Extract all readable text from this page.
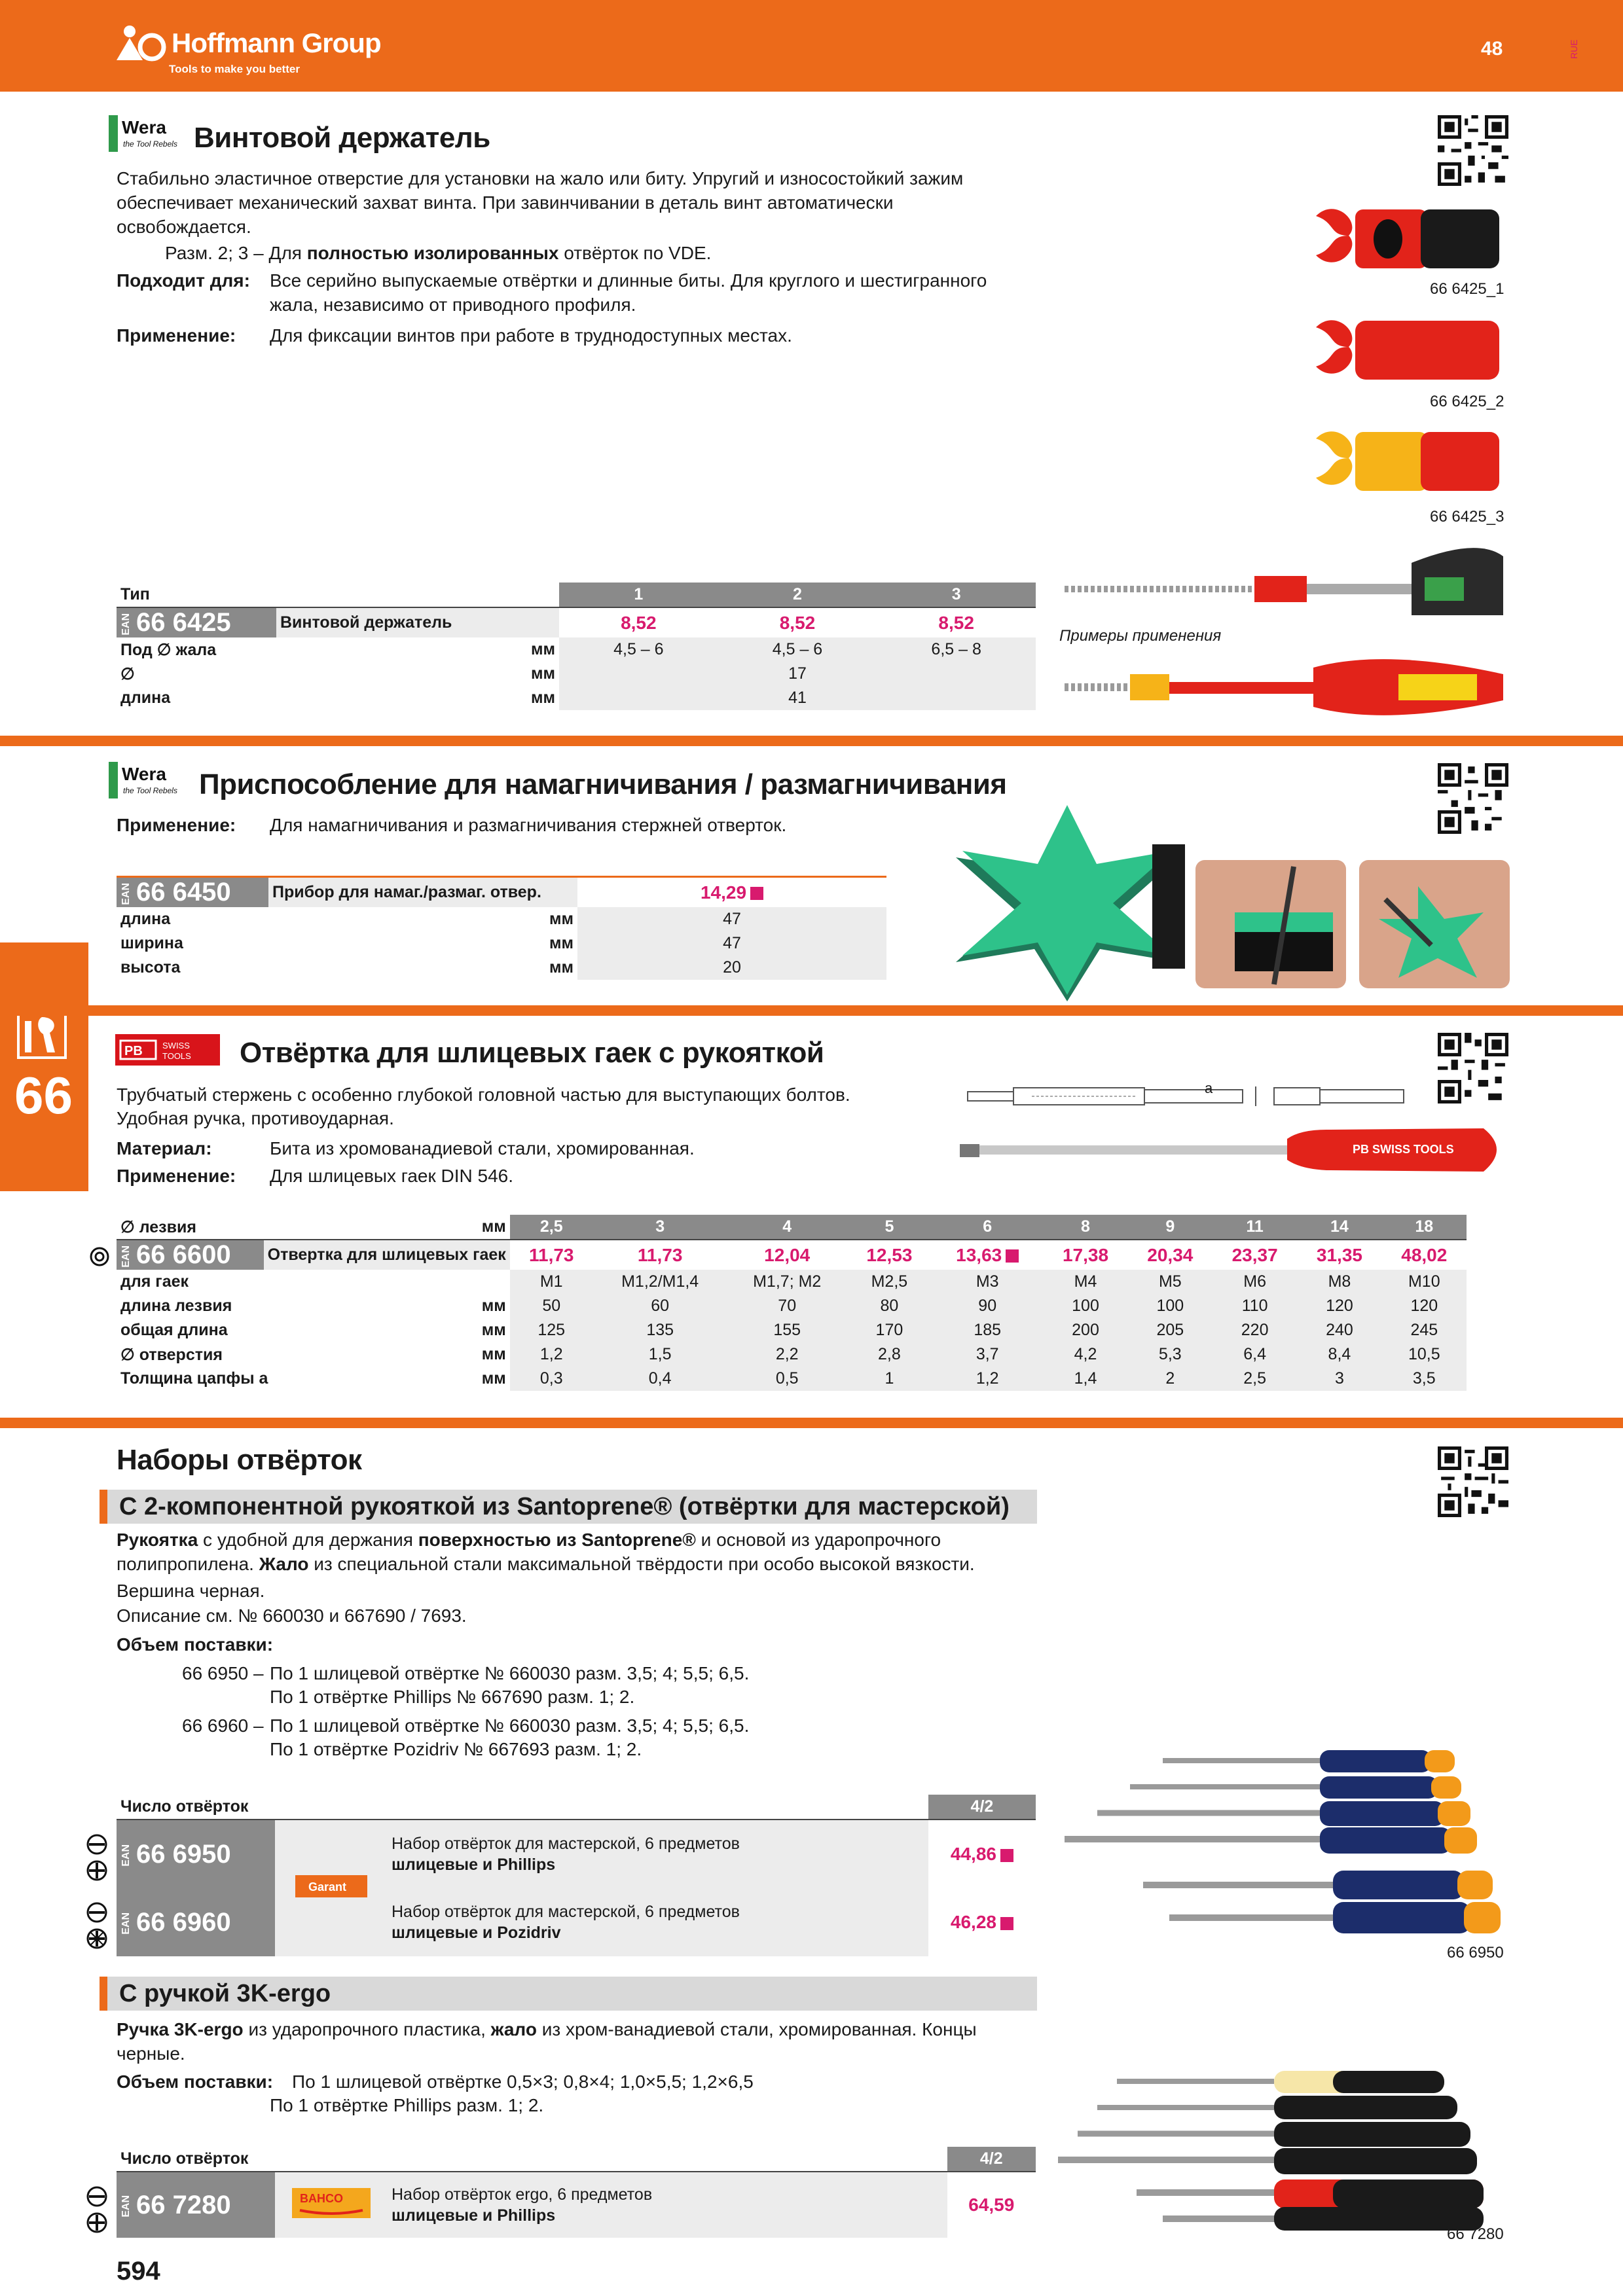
Hoffmann Group
Tools to make you better
48	RUE
66
Wera
the Tool Rebels Винтовой держатель
Стабильно эластичное отверстие для установки на жало или биту. Упругий и износостойкий зажим обеспечивает механический захват винта. При завинчивании в деталь винт автоматически освобождается.
Разм. 2; 3 – Для полностью изолированных отвёрток по VDE.
Подходит для: Все серийно выпускаемые отвёртки и длинные биты. Для круглого и шестигранного жала, независимо от приводного профиля.
Применение: Для фиксации винтов при работе в труднодоступных местах.
66 6425_1
66 6425_2
66 6425_3
Примеры применения
Тип			1	2	3
EAN 66 6425		Винтовой держатель	8,52	8,52	8,52
Под ∅ жала		мм	4,5 – 6	4,5 – 6	6,5 – 8
∅		мм	17		
длина		мм	41		
Wera
the Tool Rebels Приспособление для намагничивания / размагничивания
Применение: Для намагничивания и размагничивания стержней отверток.
EAN 66 6450	Прибор для намаг./размаг. отвер.	14,29
длина	мм	47
ширина	мм	47
высота	мм	20
PB SWISS
TOOLS Отвёртка для шлицевых гаек с рукояткой
Трубчатый стержень с особенно глубокой головной частью для выступающих болтов.
Удобная ручка, противоударная.
Материал:	Бита из хромованадиевой стали, хромированная.
Применение: Для шлицевых гаек DIN 546.
a
PB SWISS TOOLS
∅ лезвия		мм	2,5	3	4	5	6	8	9	11	14	18
EAN 66 6600	Отвертка для шлицевых гаек		11,73	11,73	12,04	12,53	13,63	17,38	20,34	23,37	31,35	48,02
для гаек			M1	M1,2/M1,4	M1,7; M2	M2,5	M3	M4	M5	M6	M8	M10
длина лезвия		мм	50	60	70	80	90	100	100	110	120	120
общая длина		мм	125	135	155	170	185	200	205	220	240	245
∅ отверстия		мм	1,2	1,5	2,2	2,8	3,7	4,2	5,3	6,4	8,4	10,5
Толщина цапфы a		мм	0,3	0,4	0,5	1	1,2	1,4	2	2,5	3	3,5
Наборы отвёрток
С 2-компонентной рукояткой из Santoprene® (отвёртки для мастерской)
Рукоятка с удобной для держания поверхностью из Santoprene® и основой из ударопрочного полипропилена. Жало из специальной стали максимальной твёрдости при особо высокой вязкости.
Вершина черная.
Описание см. № 660030 и 667690 / 7693.
Объем поставки:
66 6950 – По 1 шлицевой отвёртке № 660030 разм. 3,5; 4; 5,5; 6,5.
По 1 отвёртке Phillips № 667690 разм. 1; 2.
66 6960 – По 1 шлицевой отвёртке № 660030 разм. 3,5; 4; 5,5; 6,5.
По 1 отвёртке Pozidriv № 667693 разм. 1; 2.
66 6950
Число отвёрток			4/2
EAN 66 6950	Garant	Набор отвёрток для мастерской, 6 предметов
шлицевые и Phillips	44,86
EAN 66 6960		Набор отвёрток для мастерской, 6 предметов
шлицевые и Pozidriv	46,28
С ручкой 3K-ergo
Ручка 3K-ergo из ударопрочного пластика, жало из хром-ванадиевой стали, хромированная. Концы черные.
Объем поставки: По 1 шлицевой отвёртке 0,5×3; 0,8×4; 1,0×5,5; 1,2×6,5
По 1 отвёртке Phillips разм. 1; 2.
66 7280
Число отвёрток			4/2
EAN 66 7280	BAHCO	Набор отвёрток ergo, 6 предметов
шлицевые и Phillips	64,59
594
